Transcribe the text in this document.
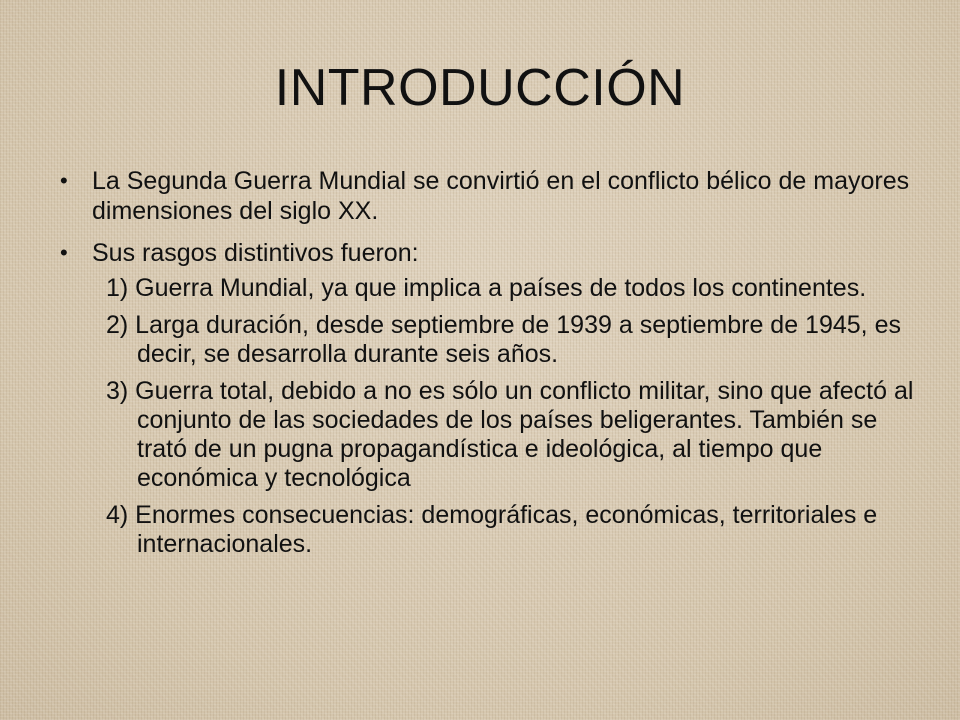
INTRODUCCIÓN
• La Segunda Guerra Mundial se convirtió en el conflicto bélico de mayores dimensiones del siglo XX.
• Sus rasgos distintivos fueron:
1) Guerra Mundial, ya que implica a países de todos los continentes.
2) Larga duración, desde septiembre de 1939 a septiembre de 1945, es decir, se desarrolla durante seis años.
3) Guerra total, debido a no es sólo un conflicto militar, sino que afectó al conjunto de las sociedades de los países beligerantes. También se trató de un pugna propagandística e ideológica, al tiempo que económica y tecnológica
4) Enormes consecuencias: demográficas, económicas, territoriales e internacionales.
